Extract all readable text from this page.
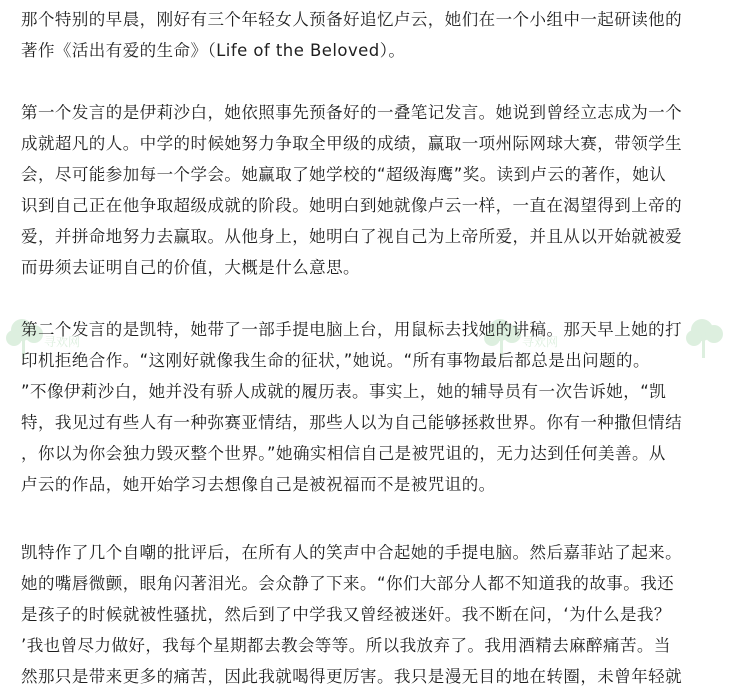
寻欢网	寻欢网

那个特别的早晨，刚好有三个年轻女人预备好追忆卢云，她们在一个小组中一起研读他的
著作《活出有爱的生命》（Life of the Beloved）。

第一个发言的是伊莉沙白，她依照事先预备好的一叠笔记发言。她说到曾经立志成为一个
成就超凡的人。中学的时候她努力争取全甲级的成绩，赢取一项州际网球大赛，带领学生
会，尽可能参加每一个学会。她赢取了她学校的“超级海鹰”奖。读到卢云的著作，她认
识到自己正在他争取超级成就的阶段。她明白到她就像卢云一样，一直在渴望得到上帝的
爱，并拼命地努力去赢取。从他身上，她明白了视自己为上帝所爱，并且从以开始就被爱
而毋须去证明自己的价值，大概是什么意思。

第二个发言的是凯特，她带了一部手提电脑上台，用鼠标去找她的讲稿。那天早上她的打
印机拒绝合作。“这刚好就像我生命的征状，”她说。“所有事物最后都总是出问题的。
”不像伊莉沙白，她并没有骄人成就的履历表。事实上，她的辅导员有一次告诉她，“凯
特，我见过有些人有一种弥赛亚情结，那些人以为自己能够拯救世界。你有一种撒但情结
，你以为你会独力毁灭整个世界。”她确实相信自己是被咒诅的，无力达到任何美善。从
卢云的作品，她开始学习去想像自己是被祝福而不是被咒诅的。

凯特作了几个自嘲的批评后，在所有人的笑声中合起她的手提电脑。然后嘉菲站了起来。
她的嘴唇微颤，眼角闪著泪光。会众静了下来。“你们大部分人都不知道我的故事。我还
是孩子的时候就被性骚扰，然后到了中学我又曾经被迷奸。我不断在问，‘为什么是我？
’我也曾尽力做好，我每个星期都去教会等等。所以我放弃了。我用酒精去麻醉痛苦。当
然那只是带来更多的痛苦，因此我就喝得更厉害。我只是漫无目的地在转圈，未曾年轻就
